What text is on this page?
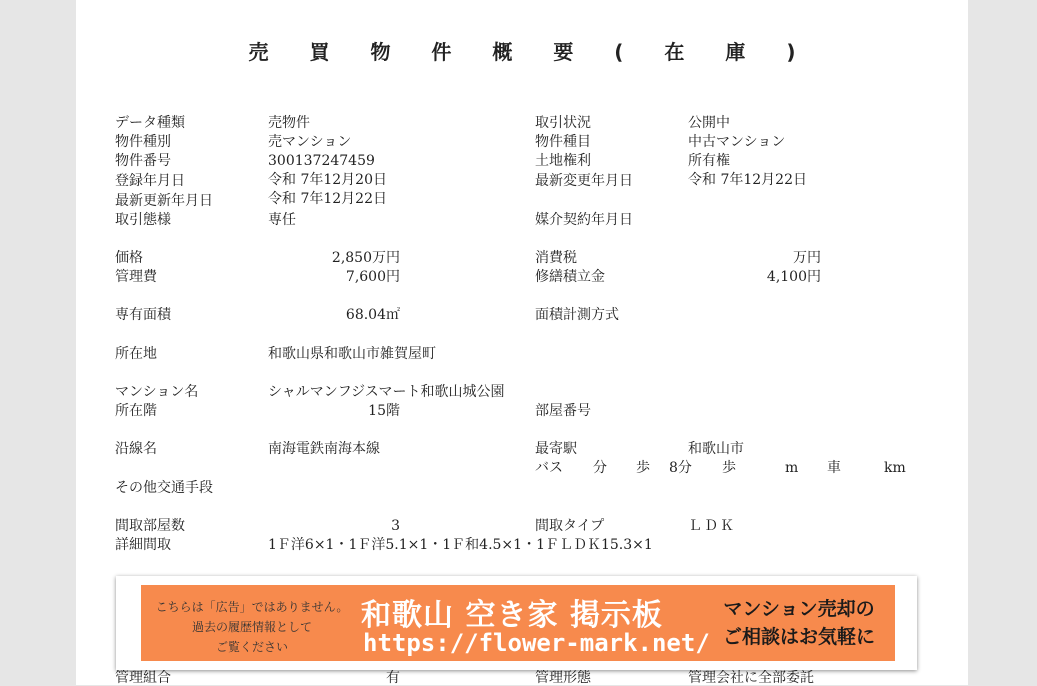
売 買 物 件 概 要 ( 在 庫 )
データ種類	売物件	取引状況	公開中
物件種別	売マンション	物件種目	中古マンション
物件番号	300137247459	土地権利	所有権
登録年月日	令和 7年12月20日	最新変更年月日	令和 7年12月22日
最新更新年月日	令和 7年12月22日
取引態様	専任	媒介契約年月日
価格	2,850万円	消費税	万円
管理費	7,600円	修繕積立金	4,100円
専有面積	68.04㎡	面積計測方式
所在地	和歌山県和歌山市雑賀屋町
マンション名	シャルマンフジスマート和歌山城公園
所在階	15階	部屋番号
沿線名	南海電鉄南海本線	最寄駅	和歌山市
バス 分 歩 8分 歩	m 車	km
その他交通手段
間取部屋数	3	間取タイプ	ＬＤＫ
詳細間取	1Ｆ洋6×1・1Ｆ洋5.1×1・1Ｆ和4.5×1・1ＦＬＤＫ15.3×1
管理組合	有	管理形態	管理会社に全部委託
こちらは「広告」ではありません。
過去の履歴情報として
ご覧ください
和歌山 空き家 掲示板
https://flower-mark.net/
マンション売却の
ご相談はお気軽に
